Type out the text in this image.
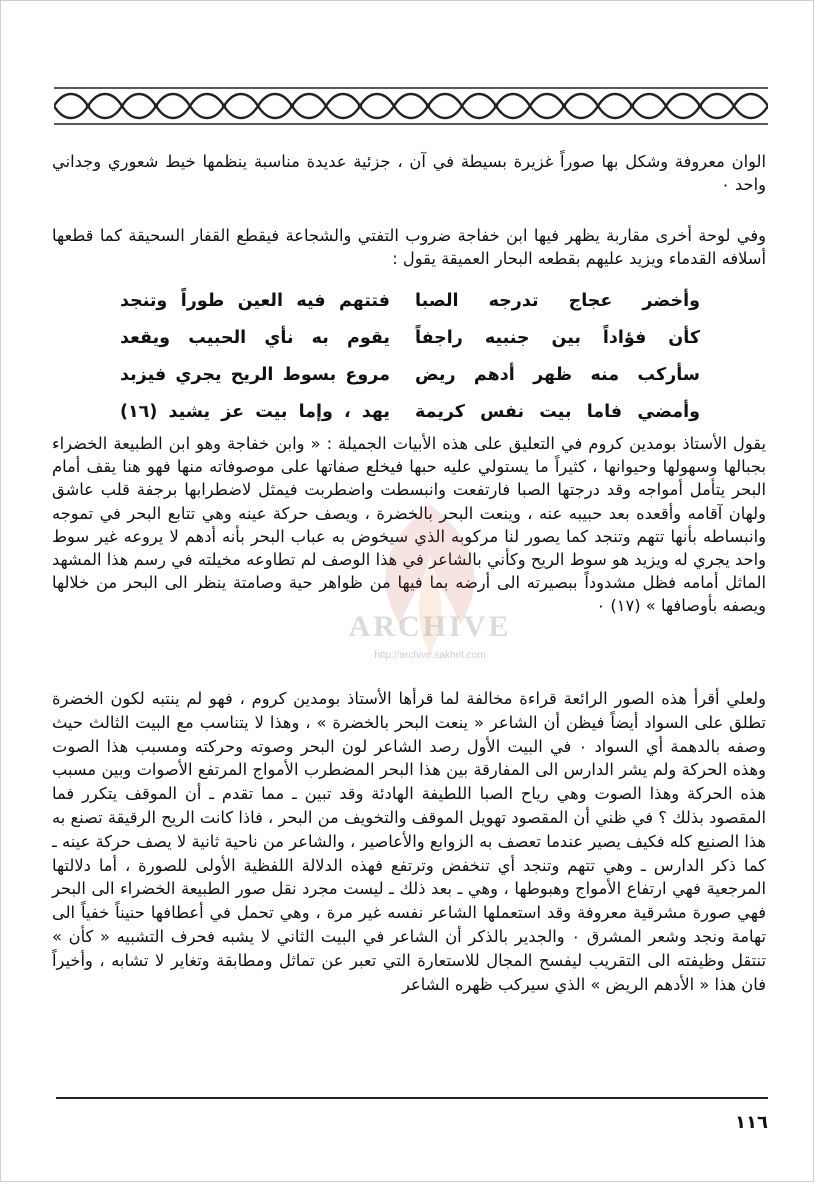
الوان معروفة وشكل بها صوراً غزيرة بسيطة في آن ، جزئية عديدة مناسبة ينظمها خيط شعوري وجداني واحد ٠

وفي لوحة أخرى مقاربة يظهر فيها ابن خفاجة ضروب التفتي والشجاعة فيقطع القفار السحيقة كما قطعها أسلافه القدماء ويزيد عليهم بقطعه البحار العميقة يقول :

وأخضر عجاج تدرجه الصبا
فتتهم فيه العين طوراً وتنجد
كأن فؤاداً بين جنبيه راجفاً
يقوم به نأي الحبيب ويقعد
سأركب منه ظهر أدهم ريض
مروع بسوط الريح يجري فيزبد
وأمضي فاما بيت نفس كريمة
يهد ، وإما بيت عز يشيد (١٦)

يقول الأستاذ بومدين كروم في التعليق على هذه الأبيات الجميلة : « وابن خفاجة وهو ابن الطبيعة الخضراء بجبالها وسهولها وحيوانها ، كثيراً ما يستولي عليه حبها فيخلع صفاتها على موصوفاته منها فهو هنا يقف أمام البحر يتأمل أمواجه وقد درجتها الصبا فارتفعت وانبسطت واضطربت فيمثل لاضطرابها برجفة قلب عاشق ولهان آقامه وأقعده بعد حبيبه عنه ، وينعت البحر بالخضرة ، ويصف حركة عينه وهي تتابع البحر في تموجه وانبساطه بأنها تتهم وتنجد كما يصور لنا مركوبه الذي سيخوض به عباب البحر بأنه أدهم لا يروعه غير سوط واحد يجري له ويزيد هو سوط الريح وكأني بالشاعر في هذا الوصف لم تطاوعه مخيلته في رسم هذا المشهد الماثل أمامه فظل مشدوداً ببصيرته الى أرضه بما فيها من ظواهر حية وصامتة ينظر الى البحر من خلالها ويصفه بأوصافها » (١٧) ٠

ولعلي أقرأ هذه الصور الرائعة قراءة مخالفة لما قرأها الأستاذ بومدين كروم ، فهو لم ينتبه لكون الخضرة تطلق على السواد أيضاً فيظن أن الشاعر « ينعت البحر بالخضرة » ، وهذا لا يتناسب مع البيت الثالث حيث وصفه بالدهمة أي السواد ٠ في البيت الأول رصد الشاعر لون البحر وصوته وحركته ومسبب هذا الصوت وهذه الحركة ولم يشر الدارس الى المفارقة بين هذا البحر المضطرب الأمواج المرتفع الأصوات وبين مسبب هذه الحركة وهذا الصوت وهي رياح الصبا اللطيفة الهادئة وقد تبين ـ مما تقدم ـ أن الموقف يتكرر فما المقصود بذلك ؟ في ظني أن المقصود تهويل الموقف والتخويف من البحر ، فاذا كانت الريح الرقيقة تصنع به هذا الصنيع كله فكيف يصير عندما تعصف به الزوابع والأعاصير ، والشاعر من ناحية ثانية لا يصف حركة عينه ـ كما ذكر الدارس ـ وهي تتهم وتنجد أي تنخفض وترتفع فهذه الدلالة اللفظية الأولى للصورة ، أما دلالتها المرجعية فهي ارتفاع الأمواج وهبوطها ، وهي ـ بعد ذلك ـ ليست مجرد نقل صور الطبيعة الخضراء الى البحر فهي صورة مشرقية معروفة وقد استعملها الشاعر نفسه غير مرة ، وهي تحمل في أعطافها حنيناً خفياً الى تهامة ونجد وشعر المشرق ٠ والجدير بالذكر أن الشاعر في البيت الثاني لا يشبه فحرف التشبيه « كأن » تنتقل وظيفته الى التقريب ليفسح المجال للاستعارة التي تعبر عن تماثل ومطابقة وتغاير لا تشابه ، وأخيراً فان هذا « الأدهم الريض » الذي سيركب ظهره الشاعر

ARCHIVE
http://archive.sakhrit.com
١١٦
